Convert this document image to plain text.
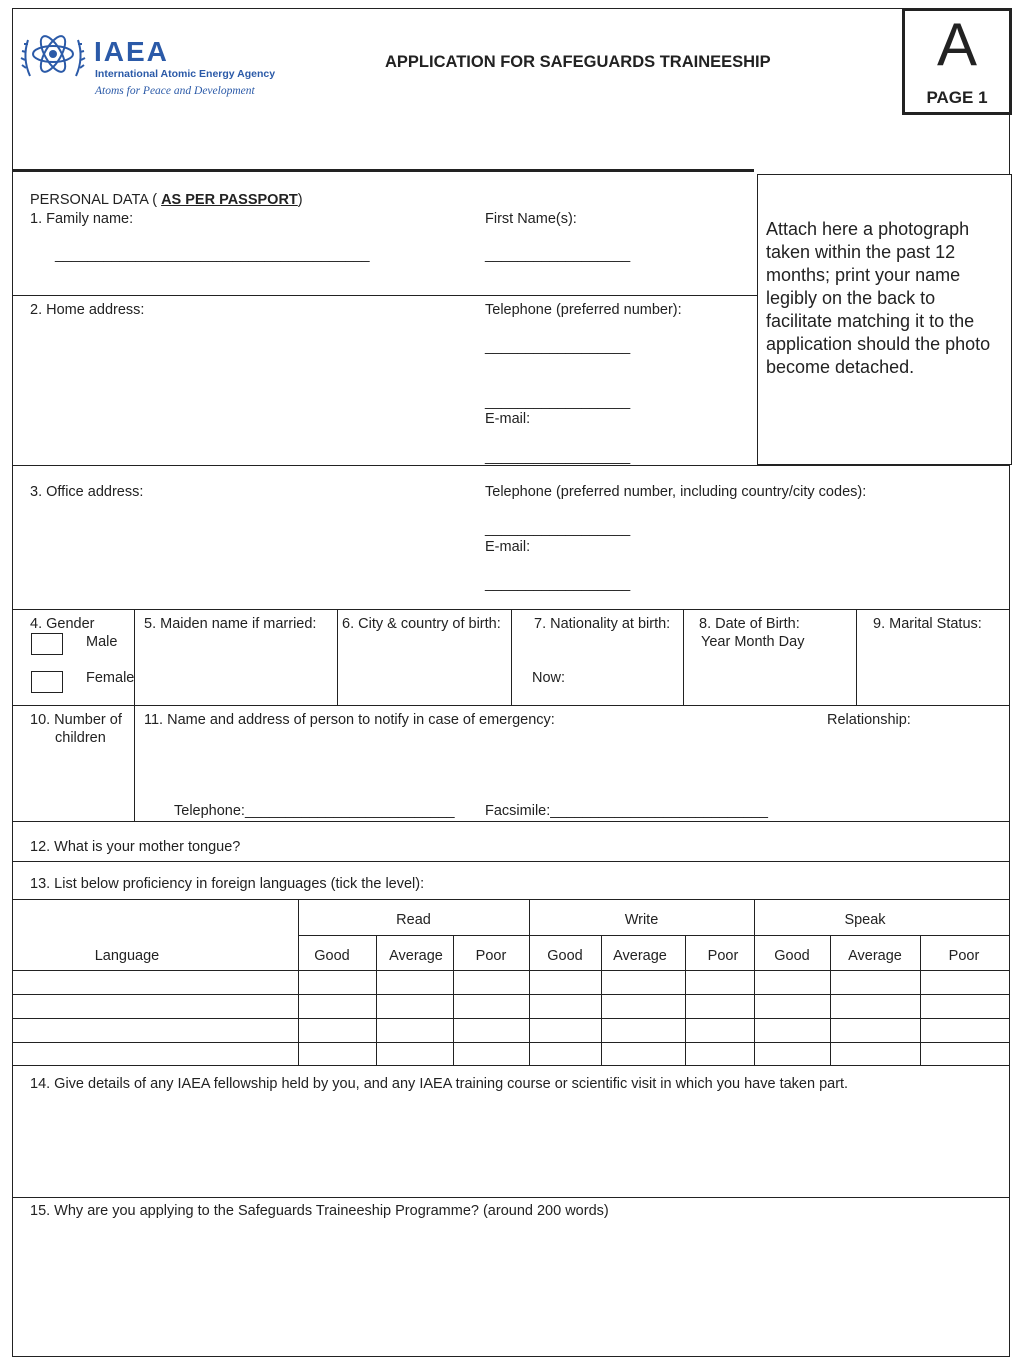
IAEA
International Atomic Energy Agency
Atoms for Peace and Development
APPLICATION FOR SAFEGUARDS TRAINEESHIP	A
PAGE 1
PERSONAL DATA ( AS PER PASSPORT)
1. Family name:	First Name(s):
_______________________________________	__________________
2. Home address:	Telephone (preferred number):
__________________
__________________
E-mail:
__________________
Attach here a photograph taken within the past 12 months; print your name legibly on the back to facilitate matching it to the application should the photo become detached.
3. Office address:	Telephone (preferred number, including country/city codes):
__________________
E-mail:
__________________
4. Gender
Male
Female
5. Maiden name if married: 6. City & country of birth: 7. Nationality at birth:
Now:
8. Date of Birth:
Year Month Day
9. Marital Status:
10. Number of
children
11. Name and address of person to notify in case of emergency:	Relationship:
Telephone:__________________________ Facsimile:___________________________
12. What is your mother tongue?
13. List below proficiency in foreign languages (tick the level):
Language
Read	Write	Speak
Good	Average	Poor	Good	Average	Poor	Good	Average	Poor
14. Give details of any IAEA fellowship held by you, and any IAEA training course or scientific visit in which you have taken part.
15. Why are you applying to the Safeguards Traineeship Programme? (around 200 words)
